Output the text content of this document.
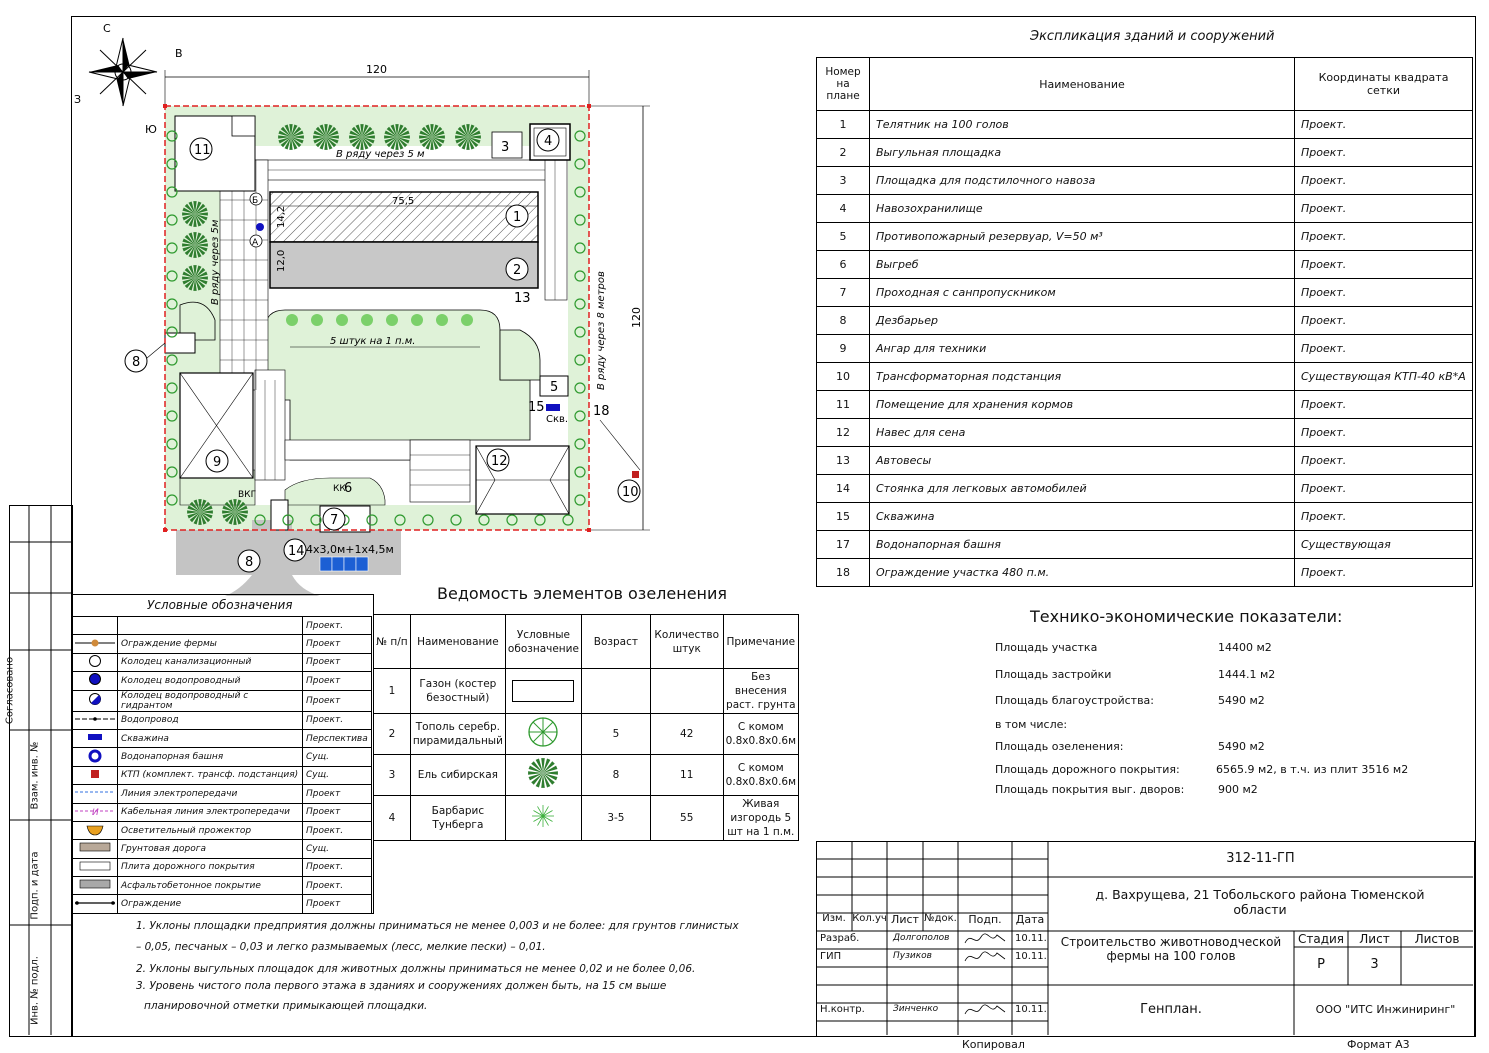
Согласовано
Взам. инв. №
Подп. и дата
Инв. № подл.
С
В
З
Ю
120
120
4х3,0м+1х4,5м
75,5
14,2
12,0
В ряду через 5 м
В ряду через 5м
В ряду через 8 метров
5 штук на 1 п.м.
Скв.
ВКГ
КК
Б
А
1
2
3	4
5
6
7
8
8
9
10
11
12
13
14
15	18
Экспликация зданий и сооружений
Номер на плане	Наименование	Координаты квадрата сетки
1	Телятник на 100 голов	Проект.
2	Выгульная площадка	Проект.
3	Площадка для подстилочного навоза	Проект.
4	Навозохранилище	Проект.
5	Противопожарный резервуар, V=50 м³	Проект.
6	Выгреб	Проект.
7	Проходная с санпропускником	Проект.
8	Дезбарьер	Проект.
9	Ангар для техники	Проект.
10	Трансформаторная подстанция	Существующая КТП-40 кВ*А
11	Помещение для хранения кормов	Проект.
12	Навес для сена	Проект.
13	Автовесы	Проект.
14	Стоянка для легковых автомобилей	Проект.
15	Скважина	Проект.
17	Водонапорная башня	Существующая
18	Ограждение участка 480 п.м.	Проект.
Технико-экономические показатели:
Площадь участка	14400 м2
Площадь застройки	1444.1 м2
Площадь благоустройства:	5490 м2
в том числе:
Площадь озеленения:	5490 м2
Площадь дорожного покрытия:	6565.9 м2, в т.ч. из плит 3516 м2
Площадь покрытия выг. дворов:	900 м2
Ведомость элементов озеленения
№ п/п	Наименование	Условные обозначение	Возраст	Количество штук	Примечание
1	Газон (костер безостный)				Без внесения раст. грунта
2	Тополь серебр. пирамидальный		5	42	С комом 0.8х0.8х0.6м
3	Ель сибирская		8	11	С комом 0.8х0.8х0.6м
4	Барбарис Тунберга		3-5	55	Живая изгородь 5 шт на 1 п.м.
Условные обозначения
		Проект.
	Ограждение фермы	Проект
	Колодец канализационный	Проект
	Колодец водопроводный	Проект
	Колодец водопроводный с гидрантом	Проект
	Водопровод	Проект.
	Скважина	Перспектива
	Водонапорная башня	Сущ.
	КТП (комплект. трансф. подстанция)	Сущ.
	Линия электропередачи	Проект

И	Кабельная линия электропередачи	Проект
	Осветительный прожектор	Проект.
	Грунтовая дорога	Сущ.
	Плита дорожного покрытия	Проект.
	Асфальтобетонное покрытие	Проект.
	Ограждение	Проект
1. Уклоны площадки предприятия должны приниматься не менее 0,003 и не более: для грунтов глинистых
– 0,05, песчаных – 0,03 и легко размываемых (лесс, мелкие пески) – 0,01.
2. Уклоны выгульных площадок для животных должны приниматься не менее 0,02 и не более 0,06.
3. Уровень чистого пола первого этажа в зданиях и сооружениях должен быть, на 15 см выше
планировочной отметки примыкающей площадки.
312-11-ГП
д. Вахрущева, 21 Тобольского района Тюменской области
Строительство животноводческой фермы на 100 голов
Генплан.	ООО "ИТС Инжиниринг"
Стадия	Лист	Листов
Р	3
Изм. Кол.уч Лист №док.	Подп.	Дата
Разраб.	Долгополов	10.11.
ГИП	Пузиков	10.11.
Н.контр.	Зинченко	10.11.
Копировал	Формат А3
